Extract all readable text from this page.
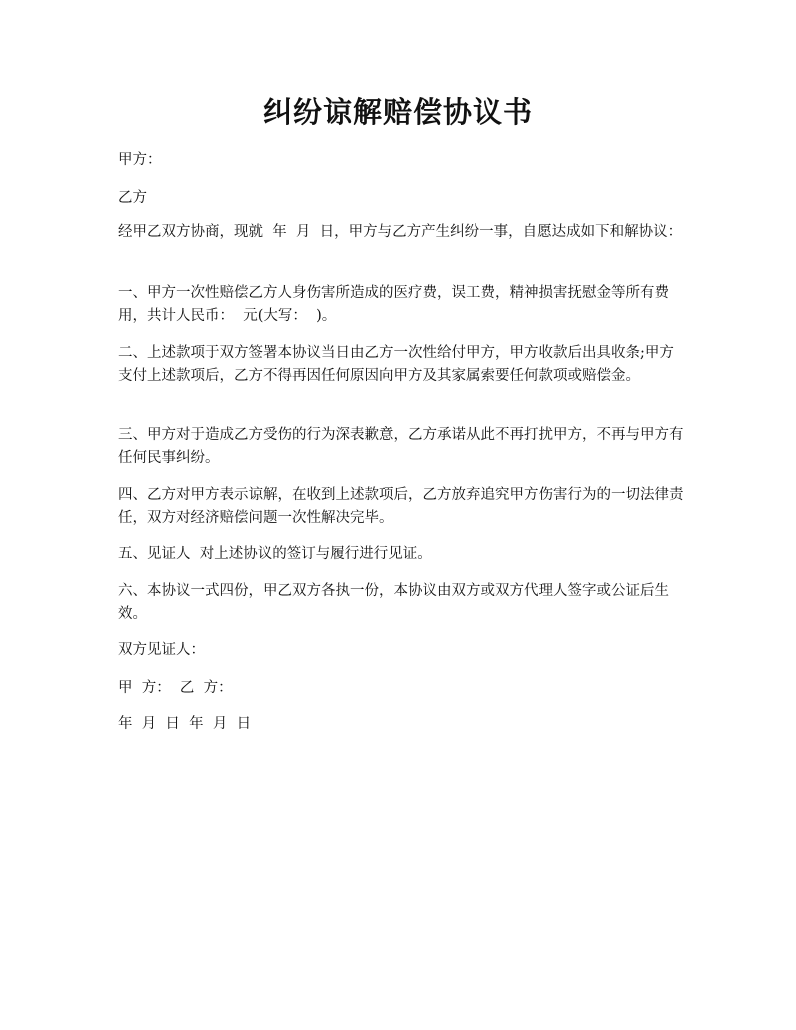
纠纷谅解赔偿协议书

甲方：

乙方

经甲乙双方协商，现就  年  月  日，甲方与乙方产生纠纷一事，自愿达成如下和解协议：

一、甲方一次性赔偿乙方人身伤害所造成的医疗费，误工费，精神损害抚慰金等所有费用，共计人民币：  元(大写：  )。

二、上述款项于双方签署本协议当日由乙方一次性给付甲方，甲方收款后出具收条;甲方支付上述款项后，乙方不得再因任何原因向甲方及其家属索要任何款项或赔偿金。

三、甲方对于造成乙方受伤的行为深表歉意，乙方承诺从此不再打扰甲方，不再与甲方有任何民事纠纷。

四、乙方对甲方表示谅解，在收到上述款项后，乙方放弃追究甲方伤害行为的一切法律责任，双方对经济赔偿问题一次性解决完毕。

五、见证人  对上述协议的签订与履行进行见证。

六、本协议一式四份，甲乙双方各执一份，本协议由双方或双方代理人签字或公证后生效。

双方见证人：

甲  方：  乙  方：

年  月  日  年  月  日
